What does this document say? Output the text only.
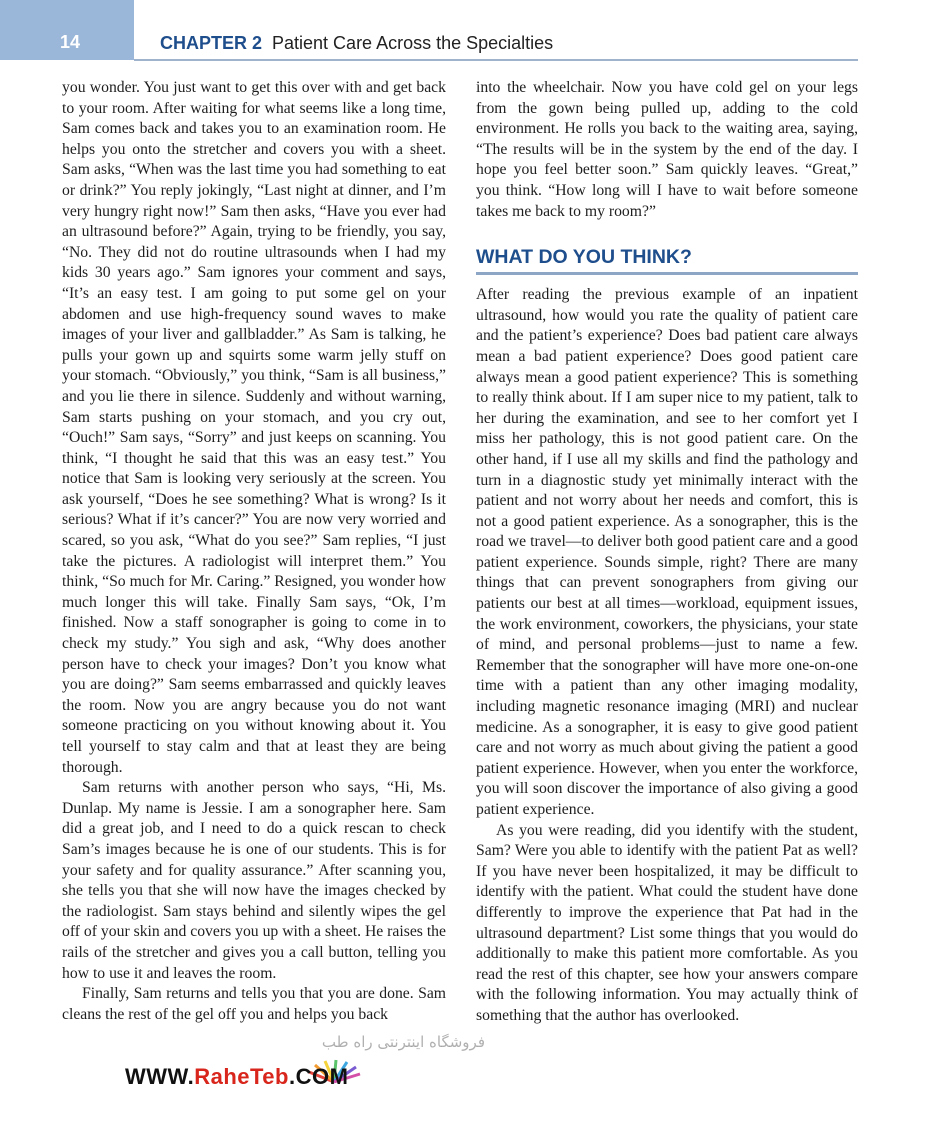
14	CHAPTER 2 Patient Care Across the Specialties

you wonder. You just want to get this over with and get back to your room. After waiting for what seems like a long time, Sam comes back and takes you to an examination room. He helps you onto the stretcher and covers you with a sheet. Sam asks, “When was the last time you had something to eat or drink?” You reply jokingly, “Last night at dinner, and I’m very hungry right now!” Sam then asks, “Have you ever had an ultrasound before?” Again, trying to be friendly, you say, “No. They did not do routine ultrasounds when I had my kids 30 years ago.” Sam ignores your comment and says, “It’s an easy test. I am going to put some gel on your abdomen and use high-frequency sound waves to make images of your liver and gallbladder.” As Sam is talking, he pulls your gown up and squirts some warm jelly stuff on your stomach. “Obviously,” you think, “Sam is all business,” and you lie there in silence. Suddenly and without warning, Sam starts pushing on your stomach, and you cry out, “Ouch!” Sam says, “Sorry” and just keeps on scanning. You think, “I thought he said that this was an easy test.” You notice that Sam is looking very seriously at the screen. You ask yourself, “Does he see something? What is wrong? Is it serious? What if it’s cancer?” You are now very worried and scared, so you ask, “What do you see?” Sam replies, “I just take the pictures. A radiologist will interpret them.” You think, “So much for Mr. Caring.” Resigned, you wonder how much longer this will take. Finally Sam says, “Ok, I’m finished. Now a staff sonographer is going to come in to check my study.” You sigh and ask, “Why does another person have to check your images? Don’t you know what you are doing?” Sam seems embarrassed and quickly leaves the room. Now you are angry because you do not want someone practicing on you without knowing about it. You tell yourself to stay calm and that at least they are being thorough.

Sam returns with another person who says, “Hi, Ms. Dunlap. My name is Jessie. I am a sonographer here. Sam did a great job, and I need to do a quick rescan to check Sam’s images because he is one of our students. This is for your safety and for quality assurance.” After scanning you, she tells you that she will now have the images checked by the radiologist. Sam stays behind and silently wipes the gel off of your skin and covers you up with a sheet. He raises the rails of the stretcher and gives you a call button, telling you how to use it and leaves the room.

Finally, Sam returns and tells you that you are done. Sam cleans the rest of the gel off you and helps you back

into the wheelchair. Now you have cold gel on your legs from the gown being pulled up, adding to the cold environment. He rolls you back to the waiting area, saying, “The results will be in the system by the end of the day. I hope you feel better soon.” Sam quickly leaves. “Great,” you think. “How long will I have to wait before someone takes me back to my room?”

WHAT DO YOU THINK?

After reading the previous example of an inpatient ultrasound, how would you rate the quality of patient care and the patient’s experience? Does bad patient care always mean a bad patient experience? Does good patient care always mean a good patient experience? This is something to really think about. If I am super nice to my patient, talk to her during the examination, and see to her comfort yet I miss her pathology, this is not good patient care. On the other hand, if I use all my skills and find the pathology and turn in a diagnostic study yet minimally interact with the patient and not worry about her needs and comfort, this is not a good patient experience. As a sonographer, this is the road we travel—to deliver both good patient care and a good patient experience. Sounds simple, right? There are many things that can prevent sonographers from giving our patients our best at all times—workload, equipment issues, the work environment, coworkers, the physicians, your state of mind, and personal problems—just to name a few. Remember that the sonographer will have more one-on-one time with a patient than any other imaging modality, including magnetic resonance imaging (MRI) and nuclear medicine. As a sonographer, it is easy to give good patient care and not worry as much about giving the patient a good patient experience. However, when you enter the workforce, you will soon discover the importance of also giving a good patient experience.

As you were reading, did you identify with the student, Sam? Were you able to identify with the patient Pat as well? If you have never been hospitalized, it may be difficult to identify with the patient. What could the student have done differently to improve the experience that Pat had in the ultrasound department? List some things that you would do additionally to make this patient more comfortable. As you read the rest of this chapter, see how your answers compare with the following information. You may actually think of something that the author has overlooked.

فروشگاه اینترنتی راه طب
WWW.RaheTeb.COM
